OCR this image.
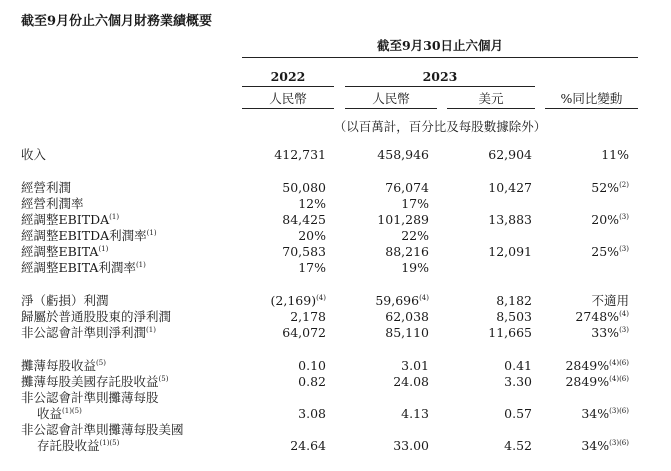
截至9月份止六個月財務業績概要
截至9月30日止六個月
2022	2023
人民幣	人民幣	美元	%同比變動
（以百萬計，百分比及每股數據除外）
收入	412,731	458,946	62,904	11%
經營利潤	50,080	76,074	10,427	52%$^{(2)}$
經營利潤率	12%	17%
經調整EBITDA$^{(1)}$	84,425	101,289	13,883	20%$^{(3)}$
經調整EBITDA利潤率$^{(1)}$	20%	22%
經調整EBITA$^{(1)}$	70,583	88,216	12,091	25%$^{(3)}$
經調整EBITA利潤率$^{(1)}$	17%	19%
淨（虧損）利潤	$(2,169)^{(4)}$	59,696$^{(4)}$	8,182	不適用
歸屬於普通股股東的淨利潤	2,178	62,038	8,503	2748%$^{(4)}$
非公認會計準則淨利潤$^{(1)}$	64,072	85,110	11,665	33%$^{(3)}$
攤薄每股收益$^{(5)}$	0.10	3.01	0.41	2849%$^{(4)(6)}$
攤薄每股美國存託股收益$^{(5)}$	0.82	24.08	3.30	2849%$^{(4)(6)}$
非公認會計準則攤薄每股
收益$^{(1)(5)}$	3.08	4.13	0.57	34%$^{(3)(6)}$
非公認會計準則攤薄每股美國
存託股收益$^{(1)(5)}$	24.64	33.00	4.52	34%$^{(3)(6)}$
